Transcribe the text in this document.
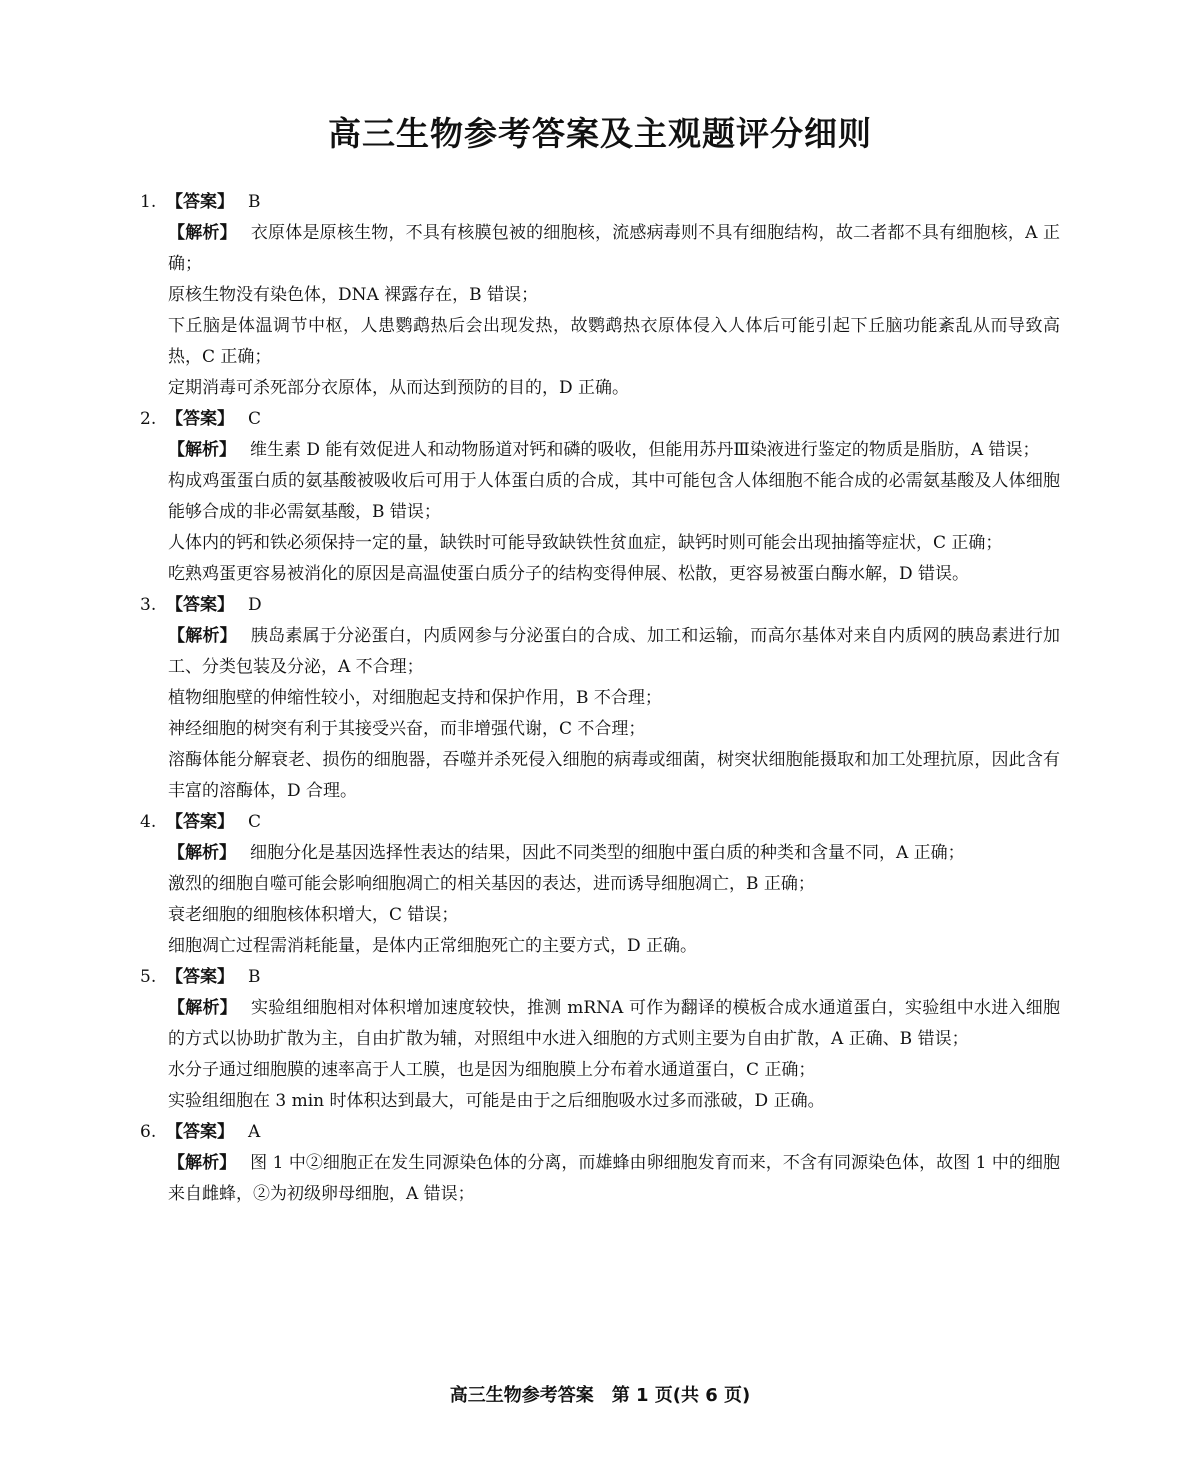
高三生物参考答案及主观题评分细则

1. 【答案】 B

【解析】 衣原体是原核生物，不具有核膜包被的细胞核，流感病毒则不具有细胞结构，故二者都不具有细胞核，A 正确；

原核生物没有染色体，DNA 裸露存在，B 错误；

下丘脑是体温调节中枢，人患鹦鹉热后会出现发热，故鹦鹉热衣原体侵入人体后可能引起下丘脑功能紊乱从而导致高热，C 正确；

定期消毒可杀死部分衣原体，从而达到预防的目的，D 正确。

2. 【答案】 C

【解析】 维生素 D 能有效促进人和动物肠道对钙和磷的吸收，但能用苏丹Ⅲ染液进行鉴定的物质是脂肪，A 错误；

构成鸡蛋蛋白质的氨基酸被吸收后可用于人体蛋白质的合成，其中可能包含人体细胞不能合成的必需氨基酸及人体细胞能够合成的非必需氨基酸，B 错误；

人体内的钙和铁必须保持一定的量，缺铁时可能导致缺铁性贫血症，缺钙时则可能会出现抽搐等症状，C 正确；

吃熟鸡蛋更容易被消化的原因是高温使蛋白质分子的结构变得伸展、松散，更容易被蛋白酶水解，D 错误。

3. 【答案】 D

【解析】 胰岛素属于分泌蛋白，内质网参与分泌蛋白的合成、加工和运输，而高尔基体对来自内质网的胰岛素进行加工、分类包装及分泌，A 不合理；

植物细胞壁的伸缩性较小，对细胞起支持和保护作用，B 不合理；

神经细胞的树突有利于其接受兴奋，而非增强代谢，C 不合理；

溶酶体能分解衰老、损伤的细胞器，吞噬并杀死侵入细胞的病毒或细菌，树突状细胞能摄取和加工处理抗原，因此含有丰富的溶酶体，D 合理。

4. 【答案】 C

【解析】 细胞分化是基因选择性表达的结果，因此不同类型的细胞中蛋白质的种类和含量不同，A 正确；

激烈的细胞自噬可能会影响细胞凋亡的相关基因的表达，进而诱导细胞凋亡，B 正确；

衰老细胞的细胞核体积增大，C 错误；

细胞凋亡过程需消耗能量，是体内正常细胞死亡的主要方式，D 正确。

5. 【答案】 B

【解析】 实验组细胞相对体积增加速度较快，推测 mRNA 可作为翻译的模板合成水通道蛋白，实验组中水进入细胞的方式以协助扩散为主，自由扩散为辅，对照组中水进入细胞的方式则主要为自由扩散，A 正确、B 错误；

水分子通过细胞膜的速率高于人工膜，也是因为细胞膜上分布着水通道蛋白，C 正确；

实验组细胞在 3 min 时体积达到最大，可能是由于之后细胞吸水过多而涨破，D 正确。

6. 【答案】 A

【解析】 图 1 中②细胞正在发生同源染色体的分离，而雄蜂由卵细胞发育而来，不含有同源染色体，故图 1 中的细胞来自雌蜂，②为初级卵母细胞，A 错误；

高三生物参考答案　第 1 页(共 6 页)
